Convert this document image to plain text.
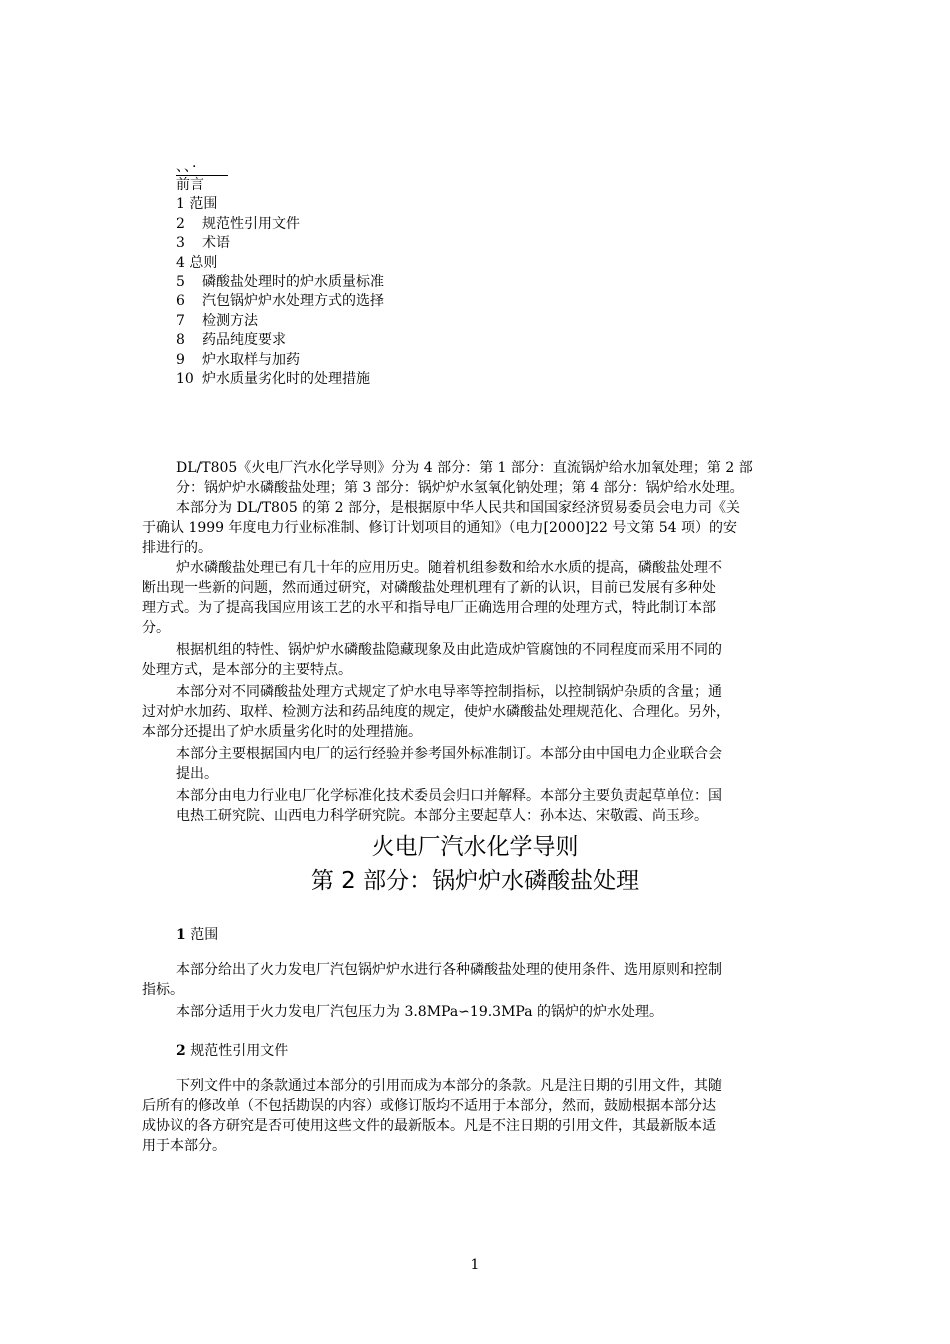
、、·
前言
1 范围
2 规范性引用文件
3 术语
4 总则
5 磷酸盐处理时的炉水质量标准
6 汽包锅炉炉水处理方式的选择
7 检测方法
8 药品纯度要求
9 炉水取样与加药
10 炉水质量劣化时的处理措施
DL/T805《火电厂汽水化学导则》分为 4 部分：第 1 部分：直流锅炉给水加氧处理；第 2 部
分：锅炉炉水磷酸盐处理；第 3 部分：锅炉炉水氢氧化钠处理；第 4 部分：锅炉给水处理。
本部分为 DL/T805 的第 2 部分，是根据原中华人民共和国国家经济贸易委员会电力司《关
于确认 1999 年度电力行业标准制、修订计划项目的通知》（电力[2000]22 号文第 54 项）的安
排进行的。
炉水磷酸盐处理已有几十年的应用历史。随着机组参数和给水水质的提高，磷酸盐处理不
断出现一些新的问题，然而通过研究，对磷酸盐处理机理有了新的认识，目前已发展有多种处
理方式。为了提高我国应用该工艺的水平和指导电厂正确选用合理的处理方式，特此制订本部
分。
根据机组的特性、锅炉炉水磷酸盐隐藏现象及由此造成炉管腐蚀的不同程度而采用不同的
处理方式，是本部分的主要特点。
本部分对不同磷酸盐处理方式规定了炉水电导率等控制指标，以控制锅炉杂质的含量；通
过对炉水加药、取样、检测方法和药品纯度的规定，使炉水磷酸盐处理规范化、合理化。另外，
本部分还提出了炉水质量劣化时的处理措施。
本部分主要根据国内电厂的运行经验并参考国外标准制订。本部分由中国电力企业联合会
提出。
本部分由电力行业电厂化学标准化技术委员会归口并解释。本部分主要负责起草单位：国
电热工研究院、山西电力科学研究院。本部分主要起草人：孙本达、宋敬霞、尚玉珍。
火电厂汽水化学导则
第 2 部分：锅炉炉水磷酸盐处理
1 范围
本部分给出了火力发电厂汽包锅炉炉水进行各种磷酸盐处理的使用条件、选用原则和控制
指标。
本部分适用于火力发电厂汽包压力为 3.8MPa∽19.3MPa 的锅炉的炉水处理。
2 规范性引用文件
下列文件中的条款通过本部分的引用而成为本部分的条款。凡是注日期的引用文件，其随
后所有的修改单（不包括勘误的内容）或修订版均不适用于本部分，然而，鼓励根据本部分达
成协议的各方研究是否可使用这些文件的最新版本。凡是不注日期的引用文件，其最新版本适
用于本部分。
1
